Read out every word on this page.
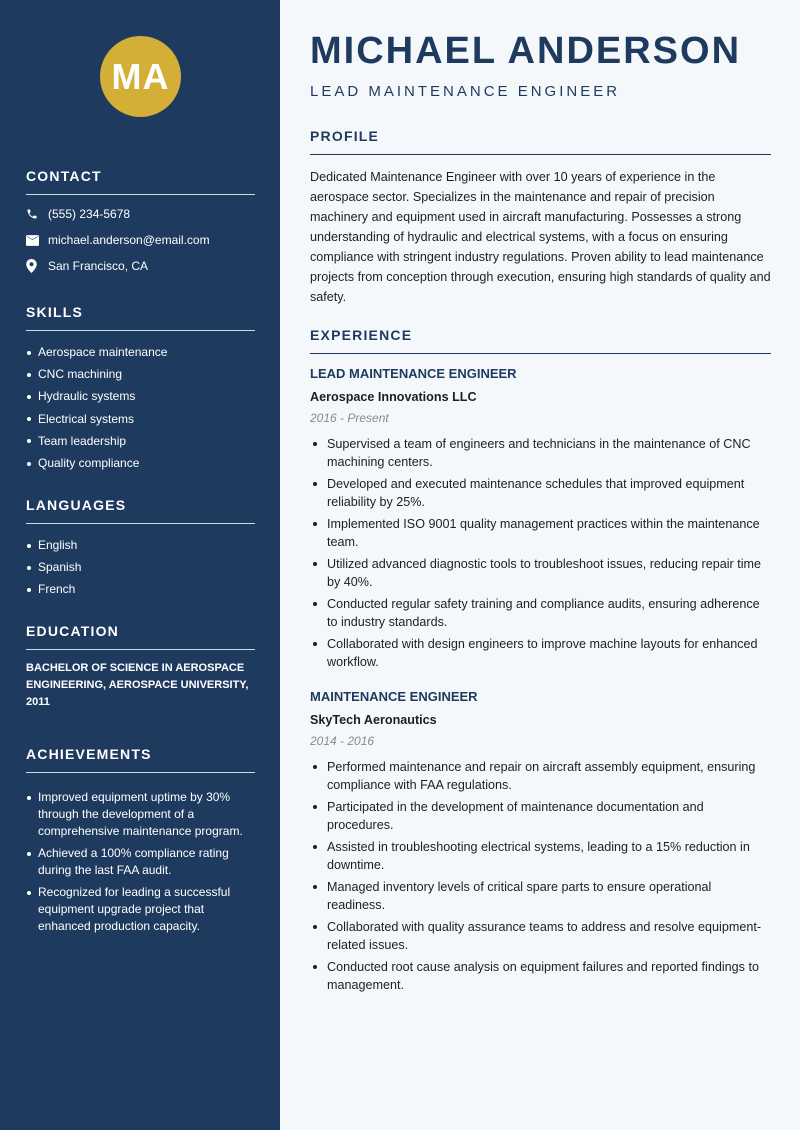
MA
CONTACT
(555) 234-5678
michael.anderson@email.com
San Francisco, CA
SKILLS
Aerospace maintenance
CNC machining
Hydraulic systems
Electrical systems
Team leadership
Quality compliance
LANGUAGES
English
Spanish
French
EDUCATION

BACHELOR OF SCIENCE IN AEROSPACE ENGINEERING, AEROSPACE UNIVERSITY, 2011

ACHIEVEMENTS
Improved equipment uptime by 30% through the development of a comprehensive maintenance program.
Achieved a 100% compliance rating during the last FAA audit.
Recognized for leading a successful equipment upgrade project that enhanced production capacity.
MICHAEL ANDERSON
LEAD MAINTENANCE ENGINEER
PROFILE

Dedicated Maintenance Engineer with over 10 years of experience in the aerospace sector. Specializes in the maintenance and repair of precision machinery and equipment used in aircraft manufacturing. Possesses a strong understanding of hydraulic and electrical systems, with a focus on ensuring compliance with stringent industry regulations. Proven ability to lead maintenance projects from conception through execution, ensuring high standards of quality and safety.

EXPERIENCE
LEAD MAINTENANCE ENGINEER
Aerospace Innovations LLC
2016 - Present
Supervised a team of engineers and technicians in the maintenance of CNC machining centers.
Developed and executed maintenance schedules that improved equipment reliability by 25%.
Implemented ISO 9001 quality management practices within the maintenance team.
Utilized advanced diagnostic tools to troubleshoot issues, reducing repair time by 40%.
Conducted regular safety training and compliance audits, ensuring adherence to industry standards.
Collaborated with design engineers to improve machine layouts for enhanced workflow.
MAINTENANCE ENGINEER
SkyTech Aeronautics
2014 - 2016
Performed maintenance and repair on aircraft assembly equipment, ensuring compliance with FAA regulations.
Participated in the development of maintenance documentation and procedures.
Assisted in troubleshooting electrical systems, leading to a 15% reduction in downtime.
Managed inventory levels of critical spare parts to ensure operational readiness.
Collaborated with quality assurance teams to address and resolve equipment-related issues.
Conducted root cause analysis on equipment failures and reported findings to management.
